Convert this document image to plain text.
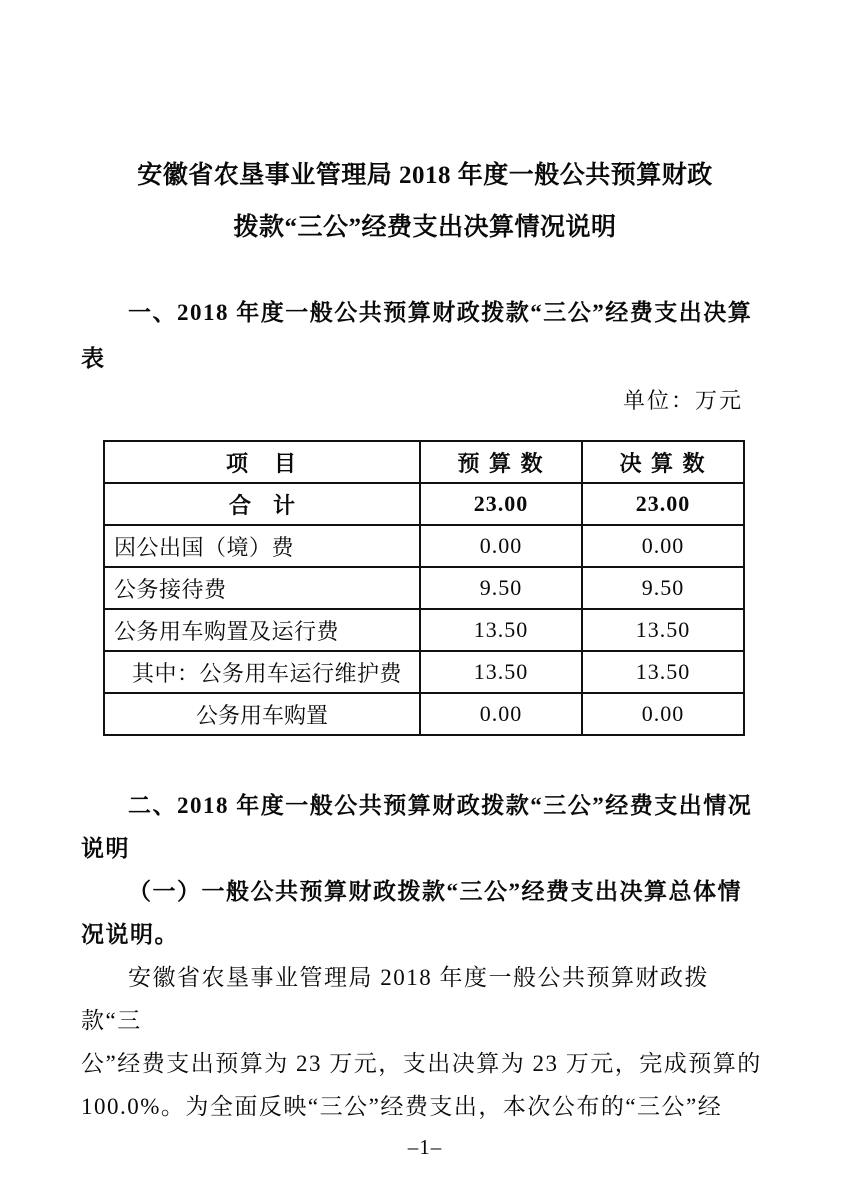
安徽省农垦事业管理局 2018 年度一般公共预算财政
拨款“三公”经费支出决算情况说明
一、2018 年度一般公共预算财政拨款“三公”经费支出决算
表
单位：万元
项　目	预 算 数	决 算 数
合　计	23.00	23.00
因公出国（境）费	0.00	0.00
公务接待费	9.50	9.50
公务用车购置及运行费	13.50	13.50
其中：公务用车运行维护费	13.50	13.50
公务用车购置	0.00	0.00
二、2018 年度一般公共预算财政拨款“三公”经费支出情况
说明
（一）一般公共预算财政拨款“三公”经费支出决算总体情
况说明。
安徽省农垦事业管理局 2018 年度一般公共预算财政拨款“三
公”经费支出预算为 23 万元，支出决算为 23 万元，完成预算的
100.0%。为全面反映“三公”经费支出，本次公布的“三公”经
–1–
